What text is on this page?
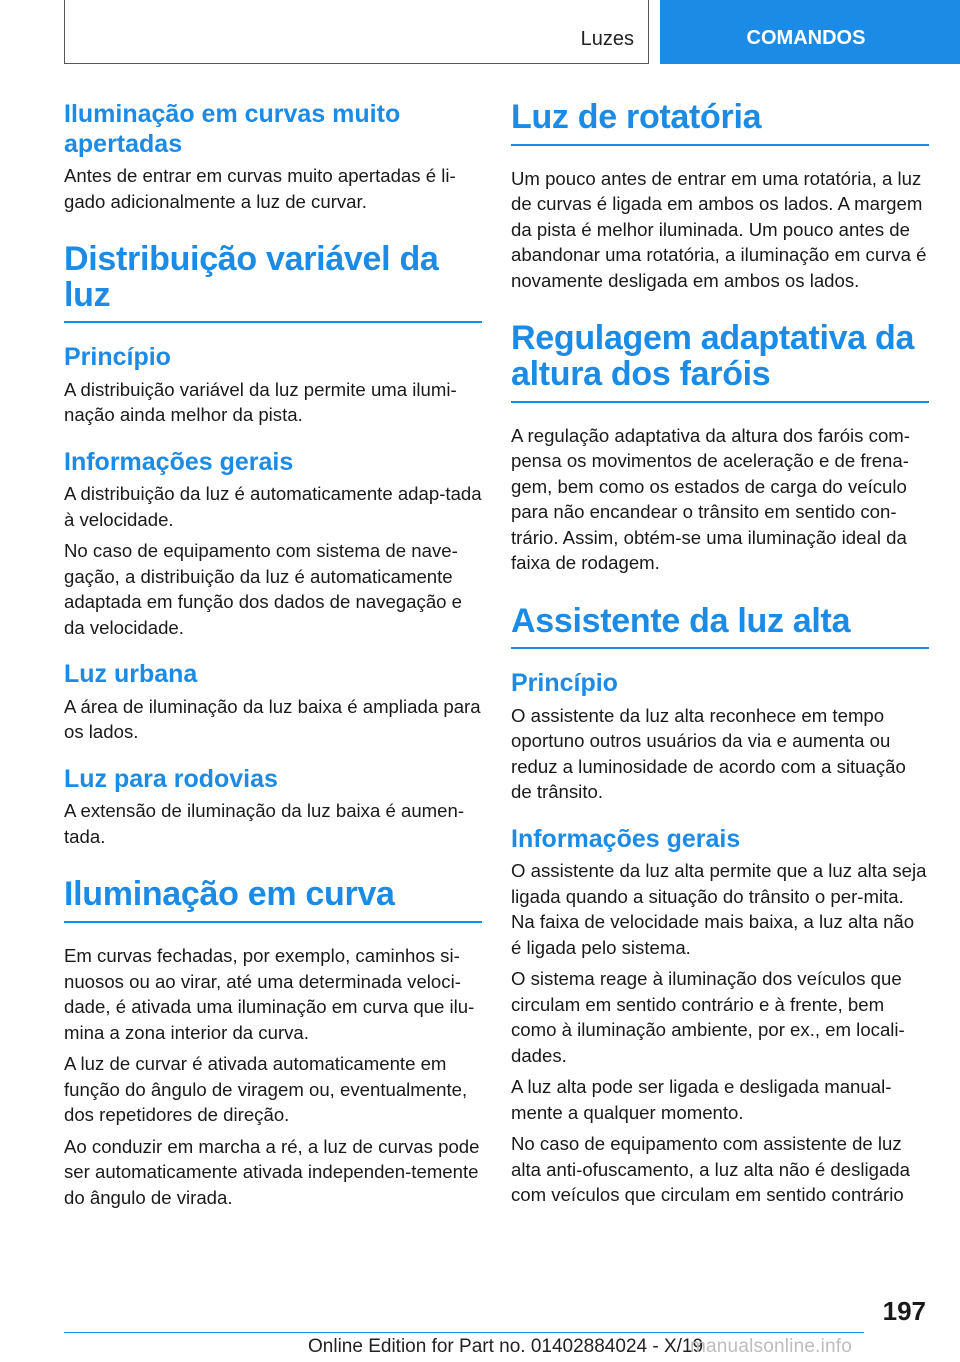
Luzes	COMANDOS
Iluminação em curvas muito apertadas

Antes de entrar em curvas muito apertadas é li-gado adicionalmente a luz de curvar.

Distribuição variável da luz
Princípio

A distribuição variável da luz permite uma ilumi-nação ainda melhor da pista.

Informações gerais

A distribuição da luz é automaticamente adap-tada à velocidade.

No caso de equipamento com sistema de nave-gação, a distribuição da luz é automaticamente adaptada em função dos dados de navegação e da velocidade.

Luz urbana

A área de iluminação da luz baixa é ampliada para os lados.

Luz para rodovias

A extensão de iluminação da luz baixa é aumen-tada.

Iluminação em curva

Em curvas fechadas, por exemplo, caminhos si-nuosos ou ao virar, até uma determinada veloci-dade, é ativada uma iluminação em curva que ilu-mina a zona interior da curva.

A luz de curvar é ativada automaticamente em função do ângulo de viragem ou, eventualmente, dos repetidores de direção.

Ao conduzir em marcha a ré, a luz de curvas pode ser automaticamente ativada independen-temente do ângulo de virada.

Luz de rotatória

Um pouco antes de entrar em uma rotatória, a luz de curvas é ligada em ambos os lados. A margem da pista é melhor iluminada. Um pouco antes de abandonar uma rotatória, a iluminação em curva é novamente desligada em ambos os lados.

Regulagem adaptativa da altura dos faróis

A regulação adaptativa da altura dos faróis com-pensa os movimentos de aceleração e de frena-gem, bem como os estados de carga do veículo para não encandear o trânsito em sentido con-trário. Assim, obtém-se uma iluminação ideal da faixa de rodagem.

Assistente da luz alta
Princípio

O assistente da luz alta reconhece em tempo oportuno outros usuários da via e aumenta ou reduz a luminosidade de acordo com a situação de trânsito.

Informações gerais

O assistente da luz alta permite que a luz alta seja ligada quando a situação do trânsito o per-mita. Na faixa de velocidade mais baixa, a luz alta não é ligada pelo sistema.

O sistema reage à iluminação dos veículos que circulam em sentido contrário e à frente, bem como à iluminação ambiente, por ex., em locali-dades.

A luz alta pode ser ligada e desligada manual-mente a qualquer momento.

No caso de equipamento com assistente de luz alta anti-ofuscamento, a luz alta não é desligada com veículos que circulam em sentido contrário

197
Online Edition for Part no. 01402884024 - X/19
manualsonline.info
